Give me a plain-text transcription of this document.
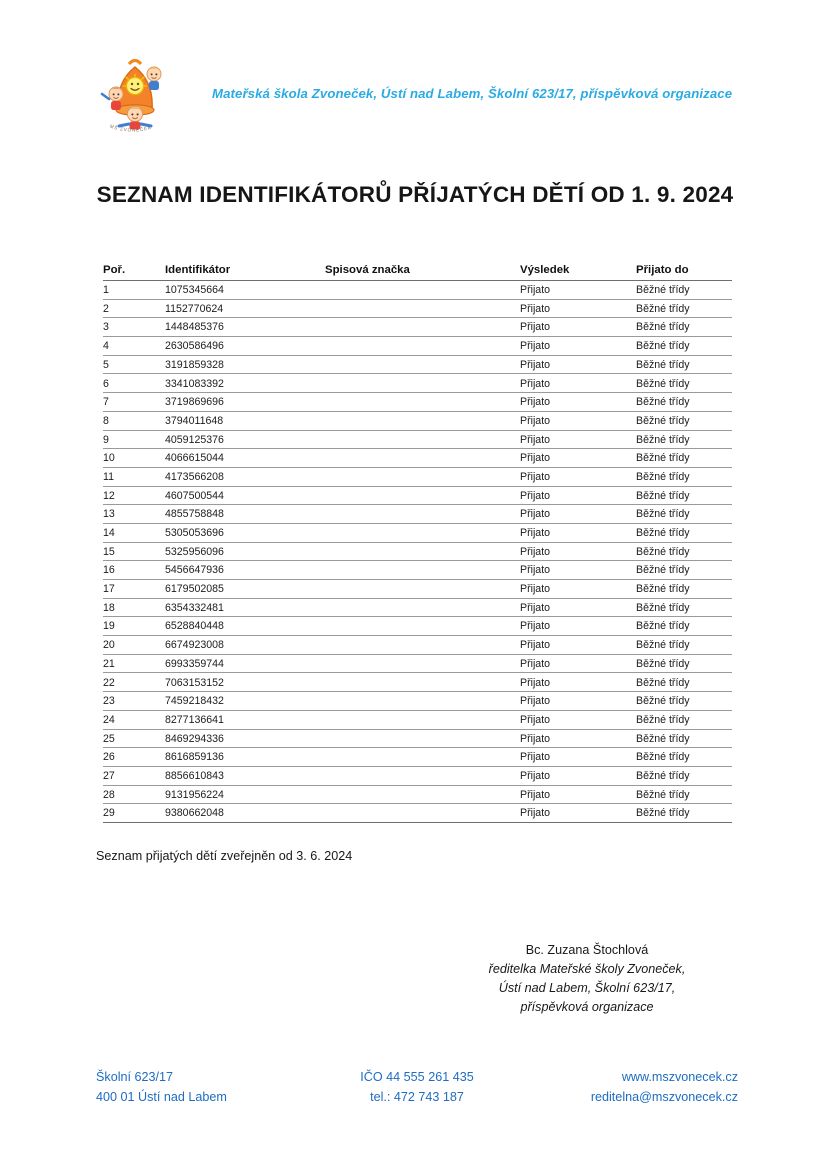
MŠ ZVONEČEK
Mateřská škola Zvoneček, Ústí nad Labem, Školní 623/17, příspěvková organizace
SEZNAM IDENTIFIKÁTORŮ PŘÍJATÝCH DĚTÍ OD 1. 9. 2024
Poř.	Identifikátor	Spisová značka	Výsledek	Přijato do
1	1075345664		Přijato	Běžné třídy
2	1152770624		Přijato	Běžné třídy
3	1448485376		Přijato	Běžné třídy
4	2630586496		Přijato	Běžné třídy
5	3191859328		Přijato	Běžné třídy
6	3341083392		Přijato	Běžné třídy
7	3719869696		Přijato	Běžné třídy
8	3794011648		Přijato	Běžné třídy
9	4059125376		Přijato	Běžné třídy
10	4066615044		Přijato	Běžné třídy
11	4173566208		Přijato	Běžné třídy
12	4607500544		Přijato	Běžné třídy
13	4855758848		Přijato	Běžné třídy
14	5305053696		Přijato	Běžné třídy
15	5325956096		Přijato	Běžné třídy
16	5456647936		Přijato	Běžné třídy
17	6179502085		Přijato	Běžné třídy
18	6354332481		Přijato	Běžné třídy
19	6528840448		Přijato	Běžné třídy
20	6674923008		Přijato	Běžné třídy
21	6993359744		Přijato	Běžné třídy
22	7063153152		Přijato	Běžné třídy
23	7459218432		Přijato	Běžné třídy
24	8277136641		Přijato	Běžné třídy
25	8469294336		Přijato	Běžné třídy
26	8616859136		Přijato	Běžné třídy
27	8856610843		Přijato	Běžné třídy
28	9131956224		Přijato	Běžné třídy
29	9380662048		Přijato	Běžné třídy
Seznam přijatých dětí zveřejněn od 3. 6. 2024
Bc. Zuzana Štochlová
ředitelka Mateřské školy Zvoneček,
Ústí nad Labem, Školní 623/17,
příspěvková organizace
Školní 623/17
400 01 Ústí nad Labem
IČO 44 555 261 435
tel.: 472 743 187
www.mszvonecek.cz
reditelna@mszvonecek.cz
